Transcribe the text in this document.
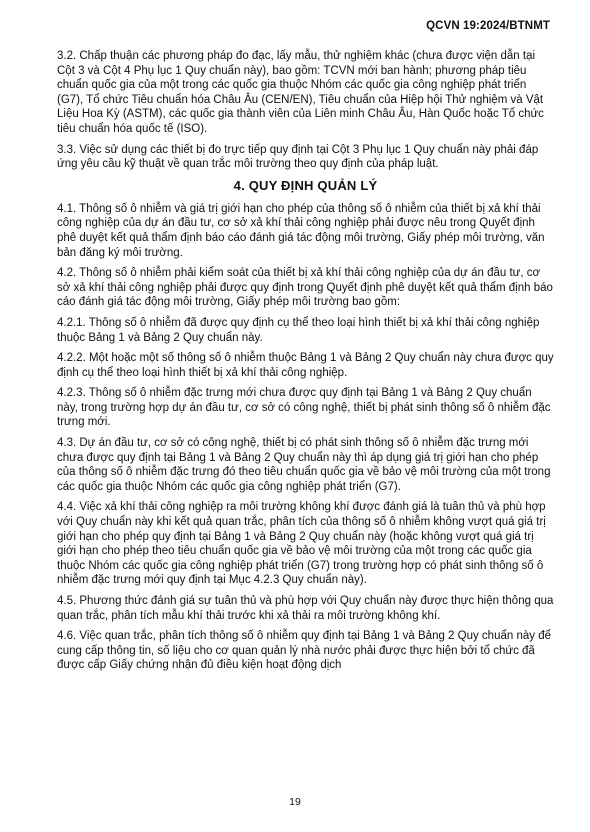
QCVN 19:2024/BTNMT

3.2. Chấp thuận các phương pháp đo đạc, lấy mẫu, thử nghiệm khác (chưa được viện dẫn tại Cột 3 và Cột 4 Phụ lục 1 Quy chuẩn này), bao gồm: TCVN mới ban hành; phương pháp tiêu chuẩn quốc gia của một trong các quốc gia thuộc Nhóm các quốc gia công nghiệp phát triển (G7), Tổ chức Tiêu chuẩn hóa Châu Âu (CEN/EN), Tiêu chuẩn của Hiệp hội Thử nghiệm và Vật Liệu Hoa Kỳ (ASTM), các quốc gia thành viên của Liên minh Châu Âu, Hàn Quốc hoặc Tổ chức tiêu chuẩn hóa quốc tế (ISO).

3.3. Việc sử dụng các thiết bị đo trực tiếp quy định tại Cột 3 Phụ lục 1 Quy chuẩn này phải đáp ứng yêu cầu kỹ thuật về quan trắc môi trường theo quy định của pháp luật.

4. QUY ĐỊNH QUẢN LÝ

4.1. Thông số ô nhiễm và giá trị giới hạn cho phép của thông số ô nhiễm của thiết bị xả khí thải công nghiệp của dự án đầu tư, cơ sở xả khí thải công nghiệp phải được nêu trong Quyết định phê duyệt kết quả thẩm định báo cáo đánh giá tác động môi trường, Giấy phép môi trường, văn bản đăng ký môi trường.

4.2. Thông số ô nhiễm phải kiểm soát của thiết bị xả khí thải công nghiệp của dự án đầu tư, cơ sở xả khí thải công nghiệp phải được quy định trong Quyết định phê duyệt kết quả thẩm định báo cáo đánh giá tác động môi trường, Giấy phép môi trường bao gồm:

4.2.1. Thông số ô nhiễm đã được quy định cụ thể theo loại hình thiết bị xả khí thải công nghiệp thuộc Bảng 1 và Bảng 2 Quy chuẩn này.

4.2.2. Một hoặc một số thông số ô nhiễm thuộc Bảng 1 và Bảng 2 Quy chuẩn này chưa được quy định cụ thể theo loại hình thiết bị xả khí thải công nghiệp.

4.2.3. Thông số ô nhiễm đặc trưng mới chưa được quy định tại Bảng 1 và Bảng 2 Quy chuẩn này, trong trường hợp dự án đầu tư, cơ sở có công nghệ, thiết bị phát sinh thông số ô nhiễm đặc trưng mới.

4.3. Dự án đầu tư, cơ sở có công nghệ, thiết bị có phát sinh thông số ô nhiễm đặc trưng mới chưa được quy định tại Bảng 1 và Bảng 2 Quy chuẩn này thì áp dụng giá trị giới hạn cho phép của thông số ô nhiễm đặc trưng đó theo tiêu chuẩn quốc gia về bảo vệ môi trường của một trong các quốc gia thuộc Nhóm các quốc gia công nghiệp phát triển (G7).

4.4. Việc xả khí thải công nghiệp ra môi trường không khí được đánh giá là tuân thủ và phù hợp với Quy chuẩn này khi kết quả quan trắc, phân tích của thông số ô nhiễm không vượt quá giá trị giới hạn cho phép quy định tại Bảng 1 và Bảng 2 Quy chuẩn này (hoặc không vượt quá giá trị giới hạn cho phép theo tiêu chuẩn quốc gia về bảo vệ môi trường của một trong các quốc gia thuộc Nhóm các quốc gia công nghiệp phát triển (G7) trong trường hợp có phát sinh thông số ô nhiễm đặc trưng mới quy định tại Mục 4.2.3 Quy chuẩn này).

4.5. Phương thức đánh giá sự tuân thủ và phù hợp với Quy chuẩn này được thực hiện thông qua quan trắc, phân tích mẫu khí thải trước khi xả thải ra môi trường không khí.

4.6. Việc quan trắc, phân tích thông số ô nhiễm quy định tại Bảng 1 và Bảng 2 Quy chuẩn này để cung cấp thông tin, số liệu cho cơ quan quản lý nhà nước phải được thực hiện bởi tổ chức đã được cấp Giấy chứng nhận đủ điều kiện hoạt động dịch

19
